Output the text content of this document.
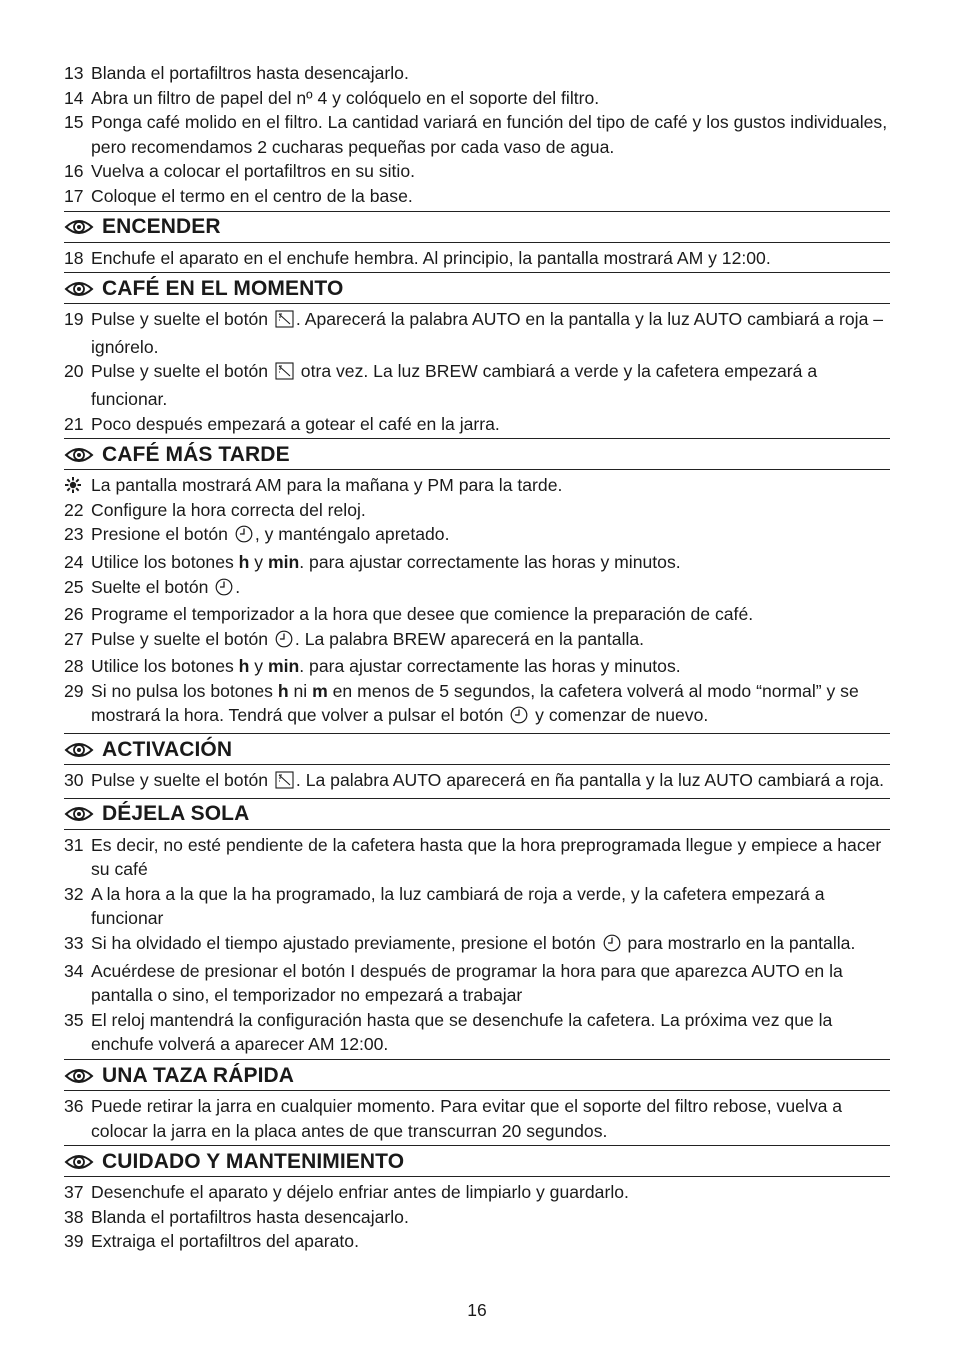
13 Blanda el portafiltros hasta desencajarlo.
14 Abra un filtro de papel del nº 4 y colóquelo en el soporte del filtro.
15 Ponga café molido en el filtro. La cantidad variará en función del tipo de café y los gustos individuales, pero recomendamos 2 cucharas pequeñas por cada vaso de agua.
16 Vuelva a colocar el portafiltros en su sitio.
17 Coloque el termo en el centro de la base.
ENCENDER
18 Enchufe el aparato en el enchufe hembra. Al principio, la pantalla mostrará AM y 12:00.
CAFÉ EN EL MOMENTO
19 Pulse y suelte el botón . Aparecerá la palabra AUTO en la pantalla y la luz AUTO cambiará a roja – ignórelo.
20 Pulse y suelte el botón  otra vez. La luz BREW cambiará a verde y la cafetera empezará a funcionar.
21 Poco después empezará a gotear el café en la jarra.
CAFÉ MÁS TARDE
La pantalla mostrará AM para la mañana y PM para la tarde.
22 Configure la hora correcta del reloj.
23 Presione el botón , y manténgalo apretado.
24 Utilice los botones h y min. para ajustar correctamente las horas y minutos.
25 Suelte el botón .
26 Programe el temporizador a la hora que desee que comience la preparación de café.
27 Pulse y suelte el botón . La palabra BREW aparecerá en la pantalla.
28 Utilice los botones h y min. para ajustar correctamente las horas y minutos.
29 Si no pulsa los botones h ni m en menos de 5 segundos, la cafetera volverá al modo “normal” y se mostrará la hora. Tendrá que volver a pulsar el botón  y comenzar de nuevo.
ACTIVACIÓN
30 Pulse y suelte el botón . La palabra AUTO aparecerá en ña pantalla y la luz AUTO cambiará a roja.
DÉJELA SOLA
31 Es decir, no esté pendiente de la cafetera hasta que la hora preprogramada llegue y empiece a hacer su café
32 A la hora a la que la ha programado, la luz cambiará de roja a verde, y la cafetera empezará a funcionar
33 Si ha olvidado el tiempo ajustado previamente, presione el botón  para mostrarlo en la pantalla.
34 Acuérdese de presionar el botón I después de programar la hora para que aparezca AUTO en la pantalla o sino, el temporizador no empezará a trabajar
35 El reloj mantendrá la configuración hasta que se desenchufe la cafetera. La próxima vez que la enchufe volverá a aparecer AM 12:00.
UNA TAZA RÁPIDA
36 Puede retirar la jarra en cualquier momento. Para evitar que el soporte del filtro rebose, vuelva a colocar la jarra en la placa antes de que transcurran 20 segundos.
CUIDADO Y MANTENIMIENTO
37 Desenchufe el aparato y déjelo enfriar antes de limpiarlo y guardarlo.
38 Blanda el portafiltros hasta desencajarlo.
39 Extraiga el portafiltros del aparato.
16
